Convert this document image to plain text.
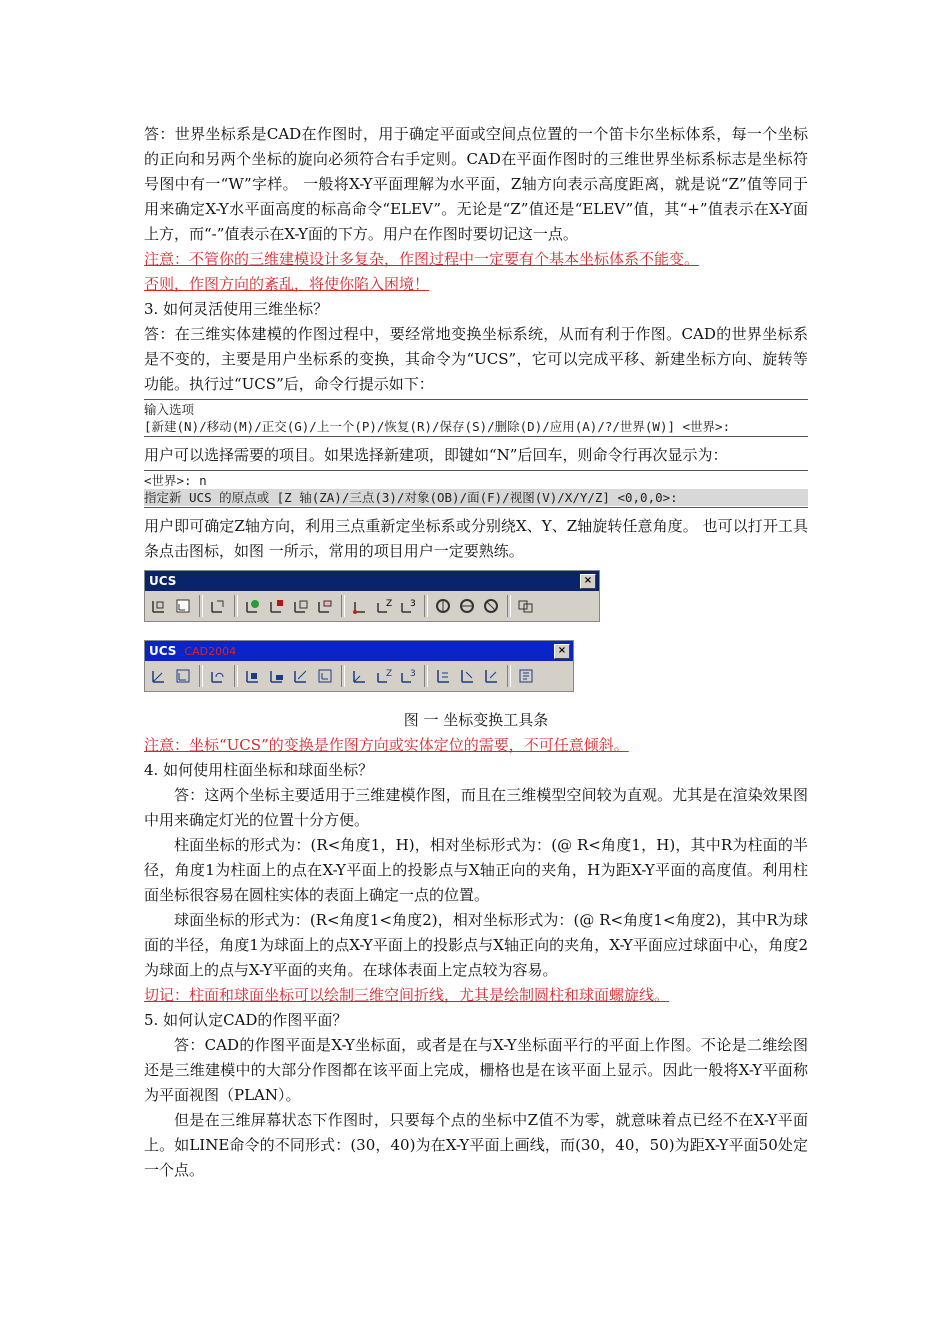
答：世界坐标系是CAD在作图时，用于确定平面或空间点位置的一个笛卡尔坐标体系，每一个坐标的正向和另两个坐标的旋向必须符合右手定则。CAD在平面作图时的三维世界坐标系标志是坐标符号图中有一“W”字样。 一般将X-Y平面理解为水平面，Z轴方向表示高度距离，就是说“Z”值等同于用来确定X-Y水平面高度的标高命令“ELEV”。无论是“Z”值还是“ELEV”值，其“+”值表示在X-Y面上方，而“-”值表示在X-Y面的下方。用户在作图时要切记这一点。

注意：不管你的三维建模设计多复杂，作图过程中一定要有个基本坐标体系不能变。

否则，作图方向的紊乱，将使你陷入困境！

3. 如何灵活使用三维坐标？

答：在三维实体建模的作图过程中，要经常地变换坐标系统，从而有利于作图。CAD的世界坐标系是不变的，主要是用户坐标系的变换，其命令为“UCS”，它可以完成平移、新建坐标方向、旋转等功能。执行过“UCS”后，命令行提示如下：

输入选项
[新建(N)/移动(M)/正交(G)/上一个(P)/恢复(R)/保存(S)/删除(D)/应用(A)/?/世界(W)] <世界>:

用户可以选择需要的项目。如果选择新建项，即键如“N”后回车，则命令行再次显示为：

<世界>: n
指定新 UCS 的原点或 [Z 轴(ZA)/三点(3)/对象(OB)/面(F)/视图(V)/X/Y/Z] <0,0,0>:

用户即可确定Z轴方向，利用三点重新定坐标系或分别绕X、Y、Z轴旋转任意角度。 也可以打开工具条点击图标，如图 一所示，常用的项目用户一定要熟练。

UCS	×
Z 3
UCS CAD2004	×
Z 3

图 一 坐标变换工具条

注意：坐标“UCS”的变换是作图方向或实体定位的需要，不可任意倾斜。

4. 如何使用柱面坐标和球面坐标？

答：这两个坐标主要适用于三维建模作图，而且在三维模型空间较为直观。尤其是在渲染效果图中用来确定灯光的位置十分方便。

柱面坐标的形式为：(R<角度1，H)，相对坐标形式为：(@ R<角度1，H)，其中R为柱面的半径，角度1为柱面上的点在X-Y平面上的投影点与X轴正向的夹角，H为距X-Y平面的高度值。利用柱面坐标很容易在圆柱实体的表面上确定一点的位置。

球面坐标的形式为：(R<角度1<角度2)，相对坐标形式为：(@ R<角度1<角度2)，其中R为球面的半径，角度1为球面上的点X-Y平面上的投影点与X轴正向的夹角，X-Y平面应过球面中心，角度2为球面上的点与X-Y平面的夹角。在球体表面上定点较为容易。

切记：柱面和球面坐标可以绘制三维空间折线，尤其是绘制圆柱和球面螺旋线。

5. 如何认定CAD的作图平面？

答：CAD的作图平面是X-Y坐标面，或者是在与X-Y坐标面平行的平面上作图。不论是二维绘图还是三维建模中的大部分作图都在该平面上完成，栅格也是在该平面上显示。因此一般将X-Y平面称为平面视图（PLAN）。

但是在三维屏幕状态下作图时，只要每个点的坐标中Z值不为零，就意味着点已经不在X-Y平面上。如LINE命令的不同形式：(30，40)为在X-Y平面上画线，而(30，40，50)为距X-Y平面50处定一个点。
